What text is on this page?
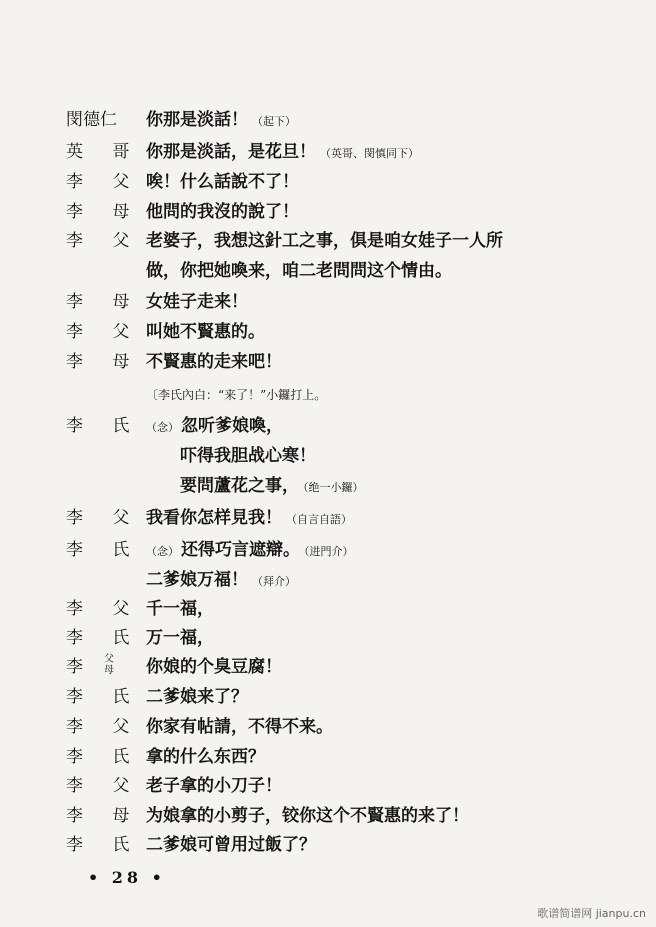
閔德仁	你那是淡話！ （起下）
英 哥 你那是淡話，是花旦！ （英哥、閔慎同下）
李 父 唉！什么話說不了！
李 母 他問的我沒的說了！
李 父 老婆子，我想这針工之事，俱是咱女娃子一人所
做，你把她喚来，咱二老問問这个情由。
李 母 女娃子走来！
李 父 叫她不賢惠的。
李 母 不賢惠的走来吧！
〔李氏內白：“来了！”小鑼打上。
李 氏 （念） 忽听爹娘喚，
吓得我胆战心寒！
要問蘆花之事， （绝一小鑼）
李 父 我看你怎样見我！ （自言自語）
李 氏 （念） 还得巧言遮辯。 （进門介）
二爹娘万福！ （拜介）
李 父 千一福，
李 氏 万一福，
李 父
母 你娘的个臭豆腐！
李 氏 二爹娘来了？
李 父 你家有帖請，不得不来。
李 氏 拿的什么东西？
李 父 老子拿的小刀子！
李 母 为娘拿的小剪子，铰你这个不賢惠的来了！
李 氏 二爹娘可曾用过飯了？
• 28 •
歌谱简谱网 jianpu.cn
